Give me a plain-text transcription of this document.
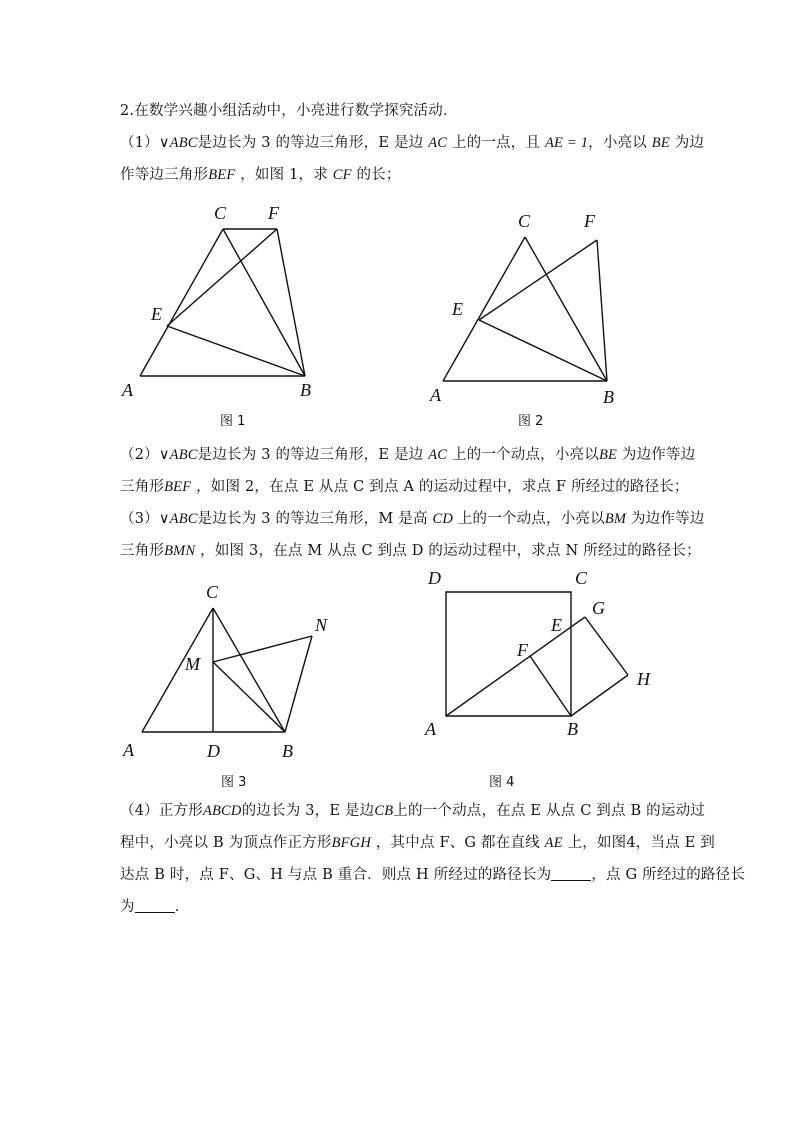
2.在数学兴趣小组活动中，小亮进行数学探究活动．
（1）∨ABC是边长为 3 的等边三角形，E 是边 AC 上的一点，且 AE = 1，小亮以 BE 为边
作等边三角形BEF ，如图 1，求 CF 的长；
A	B
C F
E
图 1
A	B
C	F
E
图 2
（2）∨ABC是边长为 3 的等边三角形，E 是边 AC 上的一个动点，小亮以BE 为边作等边
三角形BEF ，如图 2，在点 E 从点 C 到点 A 的运动过程中，求点 F 所经过的路径长；
（3）∨ABC是边长为 3 的等边三角形，M 是高 CD 上的一个动点，小亮以BM 为边作等边
三角形BMN ，如图 3，在点 M 从点 C 到点 D 的运动过程中，求点 N 所经过的路径长；
A	D	B
C
N
M
图 3
D	C
G
E
F
H
A	B
图 4
（4）正方形ABCD的边长为 3，E 是边CB上的一个动点，在点 E 从点 C 到点 B 的运动过
程中，小亮以 B 为顶点作正方形BFGH ，其中点 F、G 都在直线 AE 上，如图4，当点 E 到
达点 B 时，点 F、G、H 与点 B 重合．则点 H 所经过的路径长为	，点 G 所经过的路径长
为	．
